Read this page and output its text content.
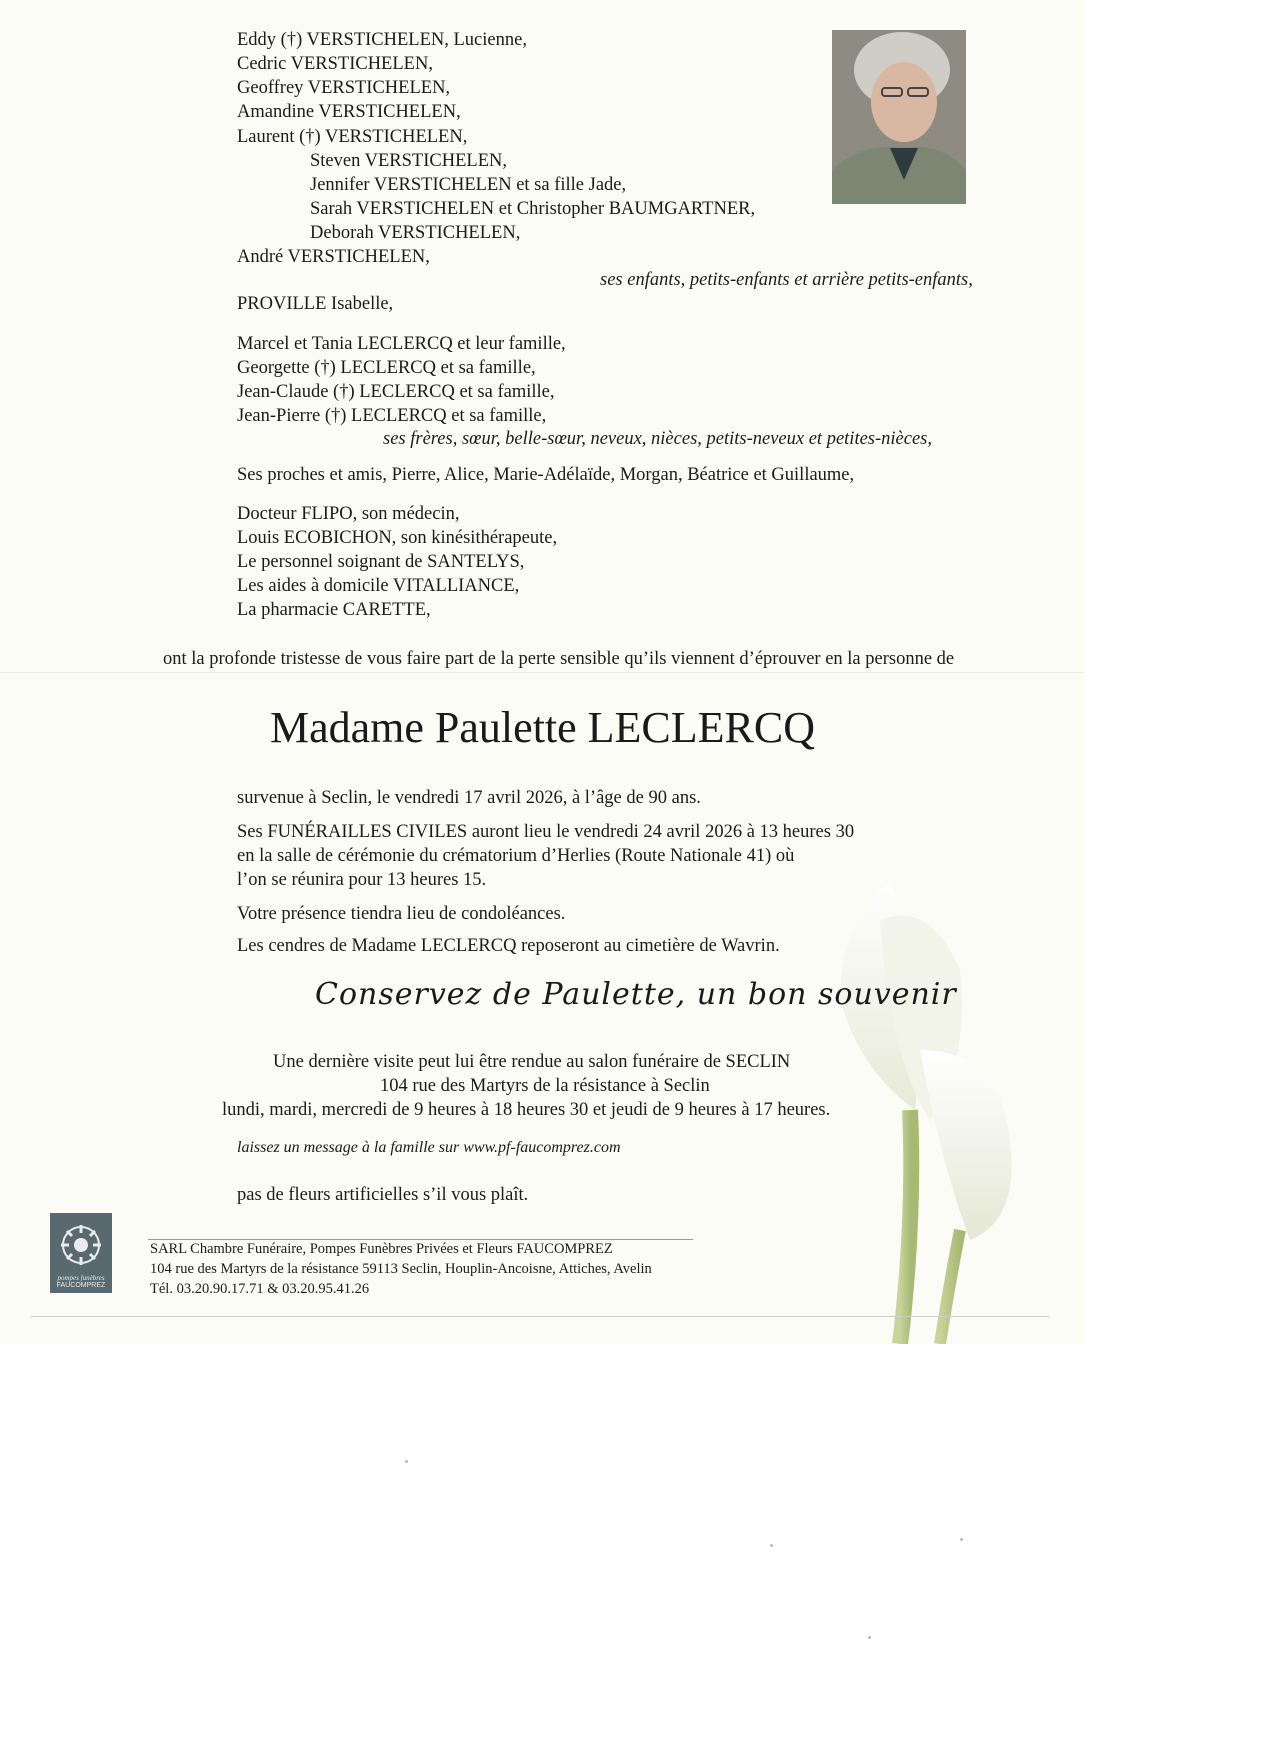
Eddy (†) VERSTICHELEN, Lucienne,
Cedric VERSTICHELEN,
Geoffrey VERSTICHELEN,
Amandine VERSTICHELEN,
Laurent (†) VERSTICHELEN,
Steven VERSTICHELEN,
Jennifer VERSTICHELEN et sa fille Jade,
Sarah VERSTICHELEN et Christopher BAUMGARTNER,
Deborah VERSTICHELEN,
André VERSTICHELEN,
ses enfants, petits-enfants et arrière petits-enfants,
PROVILLE Isabelle,
Marcel et Tania LECLERCQ et leur famille,
Georgette (†) LECLERCQ et sa famille,
Jean-Claude (†) LECLERCQ et sa famille,
Jean-Pierre (†) LECLERCQ et sa famille,
ses frères, sœur, belle-sœur, neveux, nièces, petits-neveux et petites-nièces,
Ses proches et amis, Pierre, Alice, Marie-Adélaïde, Morgan, Béatrice et Guillaume,
Docteur FLIPO, son médecin,
Louis ECOBICHON, son kinésithérapeute,
Le personnel soignant de SANTELYS,
Les aides à domicile VITALLIANCE,
La pharmacie CARETTE,
ont la profonde tristesse de vous faire part de la perte sensible qu’ils viennent d’éprouver en la personne de
Madame Paulette LECLERCQ
survenue à Seclin, le vendredi 17 avril 2026, à l’âge de 90 ans.
Ses FUNÉRAILLES CIVILES auront lieu le vendredi 24 avril 2026 à 13 heures 30
en la salle de cérémonie du crématorium d’Herlies (Route Nationale 41) où
l’on se réunira pour 13 heures 15.
Votre présence tiendra lieu de condoléances.
Les cendres de Madame LECLERCQ reposeront au cimetière de Wavrin.
Conservez de Paulette, un bon souvenir
Une dernière visite peut lui être rendue au salon funéraire de SECLIN
104 rue des Martyrs de la résistance à Seclin
lundi, mardi, mercredi de 9 heures à 18 heures 30 et jeudi de 9 heures à 17 heures.
laissez un message à la famille sur www.pf-faucomprez.com
pas de fleurs artificielles s’il vous plaît.
pompes funèbres
FAUCOMPREZ
SARL Chambre Funéraire, Pompes Funèbres Privées et Fleurs FAUCOMPREZ
104 rue des Martyrs de la résistance 59113 Seclin, Houplin-Ancoisne, Attiches, Avelin
Tél. 03.20.90.17.71 & 03.20.95.41.26
